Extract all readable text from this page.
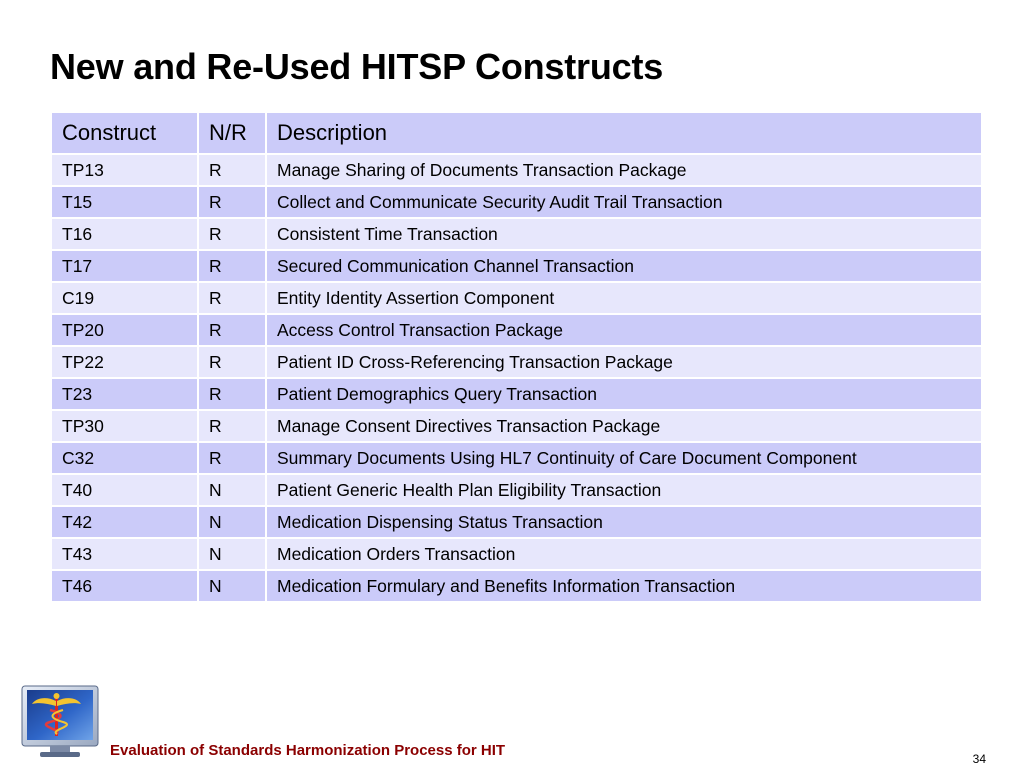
New and Re-Used HITSP Constructs
Construct	N/R	Description
TP13	R	Manage Sharing of Documents Transaction Package
T15	R	Collect and Communicate Security Audit Trail Transaction
T16	R	Consistent Time Transaction
T17	R	Secured Communication Channel Transaction
C19	R	Entity Identity Assertion Component
TP20	R	Access Control Transaction Package
TP22	R	Patient ID Cross-Referencing Transaction Package
T23	R	Patient Demographics Query Transaction
TP30	R	Manage Consent Directives Transaction Package
C32	R	Summary Documents Using HL7 Continuity of Care Document Component
T40	N	Patient Generic Health Plan Eligibility Transaction
T42	N	Medication Dispensing Status Transaction
T43	N	Medication Orders Transaction
T46	N	Medication Formulary and Benefits Information Transaction
Evaluation of Standards Harmonization Process for HIT	34
